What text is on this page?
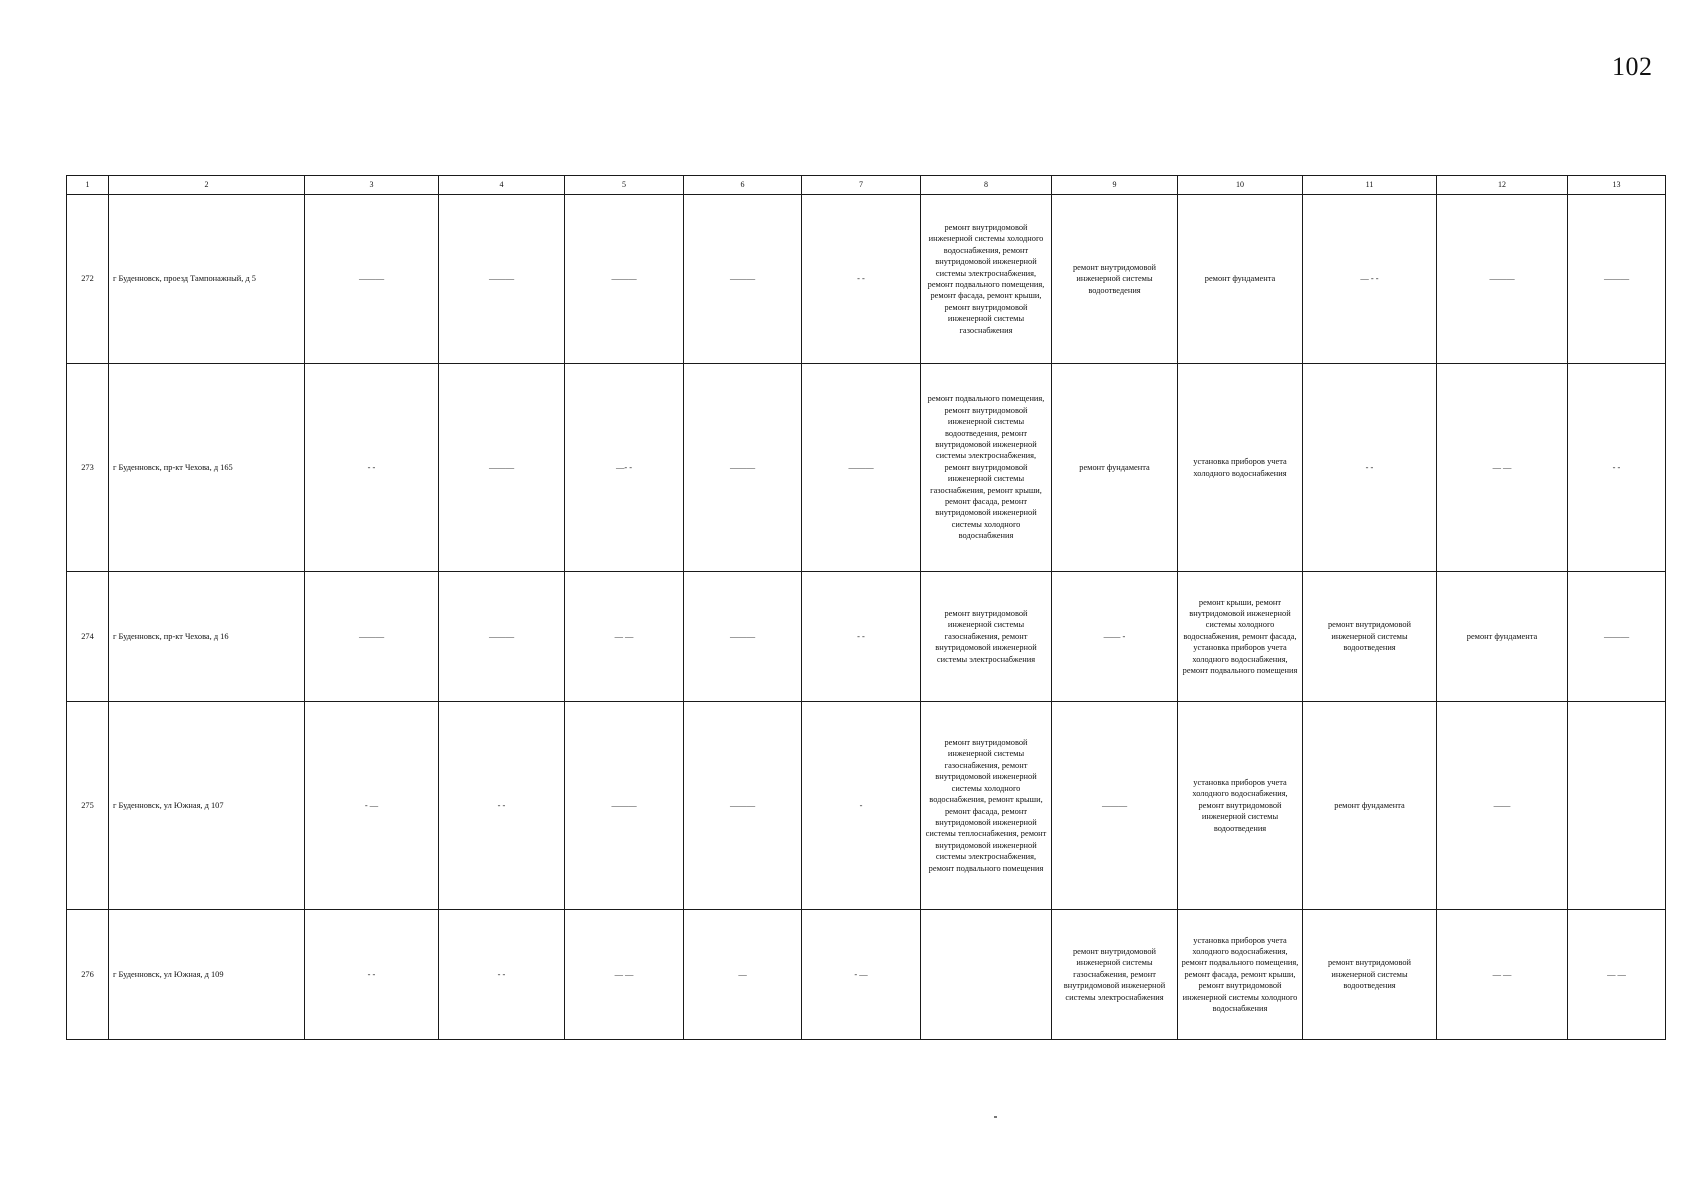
102
1	2	3	4	5	6	7	8	9	10	11	12	13
272	г Буденновск, проезд Тампонажный, д 5	———	———	———	———	- -	ремонт внутридомовой инженерной системы холодного водоснабжения, ремонт внутридомовой инженерной системы электроснабжения, ремонт подвального помещения, ремонт фасада, ремонт крыши, ремонт внутридомовой инженерной системы газоснабжения	ремонт внутридомовой инженерной системы водоотведения	ремонт фундамента	— - -	———	———
273	г Буденновск, пр-кт Чехова, д 165	- -	———	—- -	———	———	ремонт подвального помещения, ремонт внутридомовой инженерной системы водоотведения, ремонт внутридомовой инженерной системы электроснабжения, ремонт внутридомовой инженерной системы газоснабжения, ремонт крыши, ремонт фасада, ремонт внутридомовой инженерной системы холодного водоснабжения	ремонт фундамента	установка приборов учета холодного водоснабжения	- -	— —	- -
274	г Буденновск, пр-кт Чехова, д 16	———	———	— —	———	- -	ремонт внутридомовой инженерной системы газоснабжения, ремонт внутридомовой инженерной системы электроснабжения	—— -	ремонт крыши, ремонт внутридомовой инженерной системы холодного водоснабжения, ремонт фасада, установка приборов учета холодного водоснабжения, ремонт подвального помещения	ремонт внутридомовой инженерной системы водоотведения	ремонт фундамента	———
275	г Буденновск, ул Южная, д 107	- —	- -	———	———	-	ремонт внутридомовой инженерной системы газоснабжения, ремонт внутридомовой инженерной системы холодного водоснабжения, ремонт крыши, ремонт фасада, ремонт внутридомовой инженерной системы теплоснабжения, ремонт внутридомовой инженерной системы электроснабжения, ремонт подвального помещения	———	установка приборов учета холодного водоснабжения, ремонт внутридомовой инженерной системы водоотведения	ремонт фундамента	——	
276	г Буденновск, ул Южная, д 109	- -	- -	— —	—	- —		ремонт внутридомовой инженерной системы газоснабжения, ремонт внутридомовой инженерной системы электроснабжения	установка приборов учета холодного водоснабжения, ремонт подвального помещения, ремонт фасада, ремонт крыши, ремонт внутридомовой инженерной системы холодного водоснабжения	ремонт внутридомовой инженерной системы водоотведения	— —	— —
